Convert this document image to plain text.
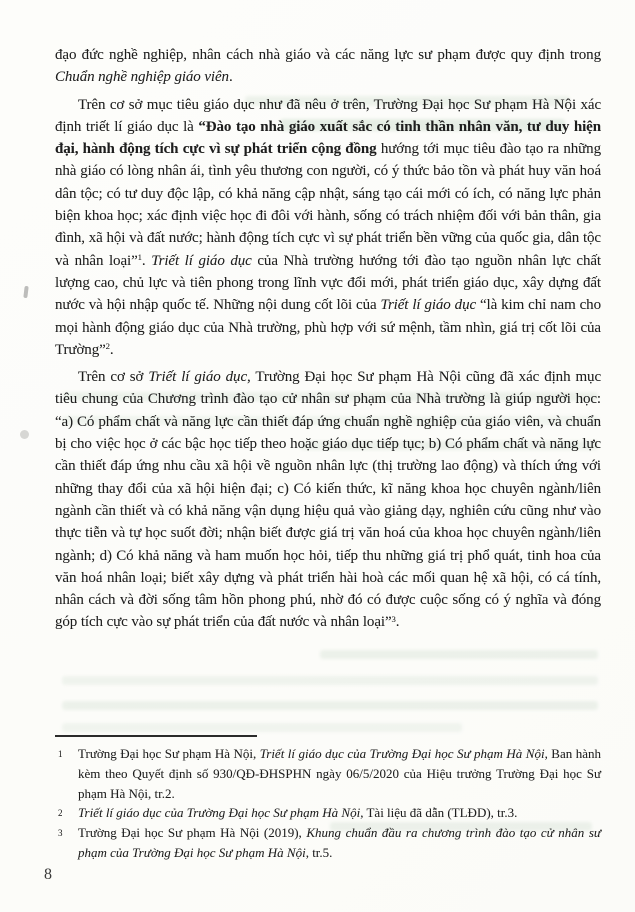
đạo đức nghề nghiệp, nhân cách nhà giáo và các năng lực sư phạm được quy định trong Chuẩn nghề nghiệp giáo viên.

Trên cơ sở mục tiêu giáo dục như đã nêu ở trên, Trường Đại học Sư phạm Hà Nội xác định triết lí giáo dục là “Đào tạo nhà giáo xuất sắc có tinh thần nhân văn, tư duy hiện đại, hành động tích cực vì sự phát triển cộng đồng hướng tới mục tiêu đào tạo ra những nhà giáo có lòng nhân ái, tình yêu thương con người, có ý thức bảo tồn và phát huy văn hoá dân tộc; có tư duy độc lập, có khả năng cập nhật, sáng tạo cái mới có ích, có năng lực phản biện khoa học; xác định việc học đi đôi với hành, sống có trách nhiệm đối với bản thân, gia đình, xã hội và đất nước; hành động tích cực vì sự phát triển bền vững của quốc gia, dân tộc và nhân loại”$^1$. Triết lí giáo dục của Nhà trường hướng tới đào tạo nguồn nhân lực chất lượng cao, chủ lực và tiên phong trong lĩnh vực đổi mới, phát triển giáo dục, xây dựng đất nước và hội nhập quốc tế. Những nội dung cốt lõi của Triết lí giáo dục “là kim chỉ nam cho mọi hành động giáo dục của Nhà trường, phù hợp với sứ mệnh, tầm nhìn, giá trị cốt lõi của Trường”$^2$.

Trên cơ sở Triết lí giáo dục, Trường Đại học Sư phạm Hà Nội cũng đã xác định mục tiêu chung của Chương trình đào tạo cử nhân sư phạm của Nhà trường là giúp người học: “a) Có phẩm chất và năng lực cần thiết đáp ứng chuẩn nghề nghiệp của giáo viên, và chuẩn bị cho việc học ở các bậc học tiếp theo hoặc giáo dục tiếp tục; b) Có phẩm chất và năng lực cần thiết đáp ứng nhu cầu xã hội về nguồn nhân lực (thị trường lao động) và thích ứng với những thay đổi của xã hội hiện đại; c) Có kiến thức, kĩ năng khoa học chuyên ngành/liên ngành cần thiết và có khả năng vận dụng hiệu quả vào giảng dạy, nghiên cứu cũng như vào thực tiễn và tự học suốt đời; nhận biết được giá trị văn hoá của khoa học chuyên ngành/liên ngành; d) Có khả năng và ham muốn học hỏi, tiếp thu những giá trị phổ quát, tinh hoa của văn hoá nhân loại; biết xây dựng và phát triển hài hoà các mối quan hệ xã hội, có cá tính, nhân cách và đời sống tâm hồn phong phú, nhờ đó có được cuộc sống có ý nghĩa và đóng góp tích cực vào sự phát triển của đất nước và nhân loại”$^3$.

1 Trường Đại học Sư phạm Hà Nội, Triết lí giáo dục của Trường Đại học Sư phạm Hà Nội, Ban hành kèm theo Quyết định số 930/QĐ-ĐHSPHN ngày 06/5/2020 của Hiệu trưởng Trường Đại học Sư phạm Hà Nội, tr.2.
2 Triết lí giáo dục của Trường Đại học Sư phạm Hà Nội, Tài liệu đã dẫn (TLĐD), tr.3.
3 Trường Đại học Sư phạm Hà Nội (2019), Khung chuẩn đầu ra chương trình đào tạo cử nhân sư phạm của Trường Đại học Sư phạm Hà Nội, tr.5.
8
